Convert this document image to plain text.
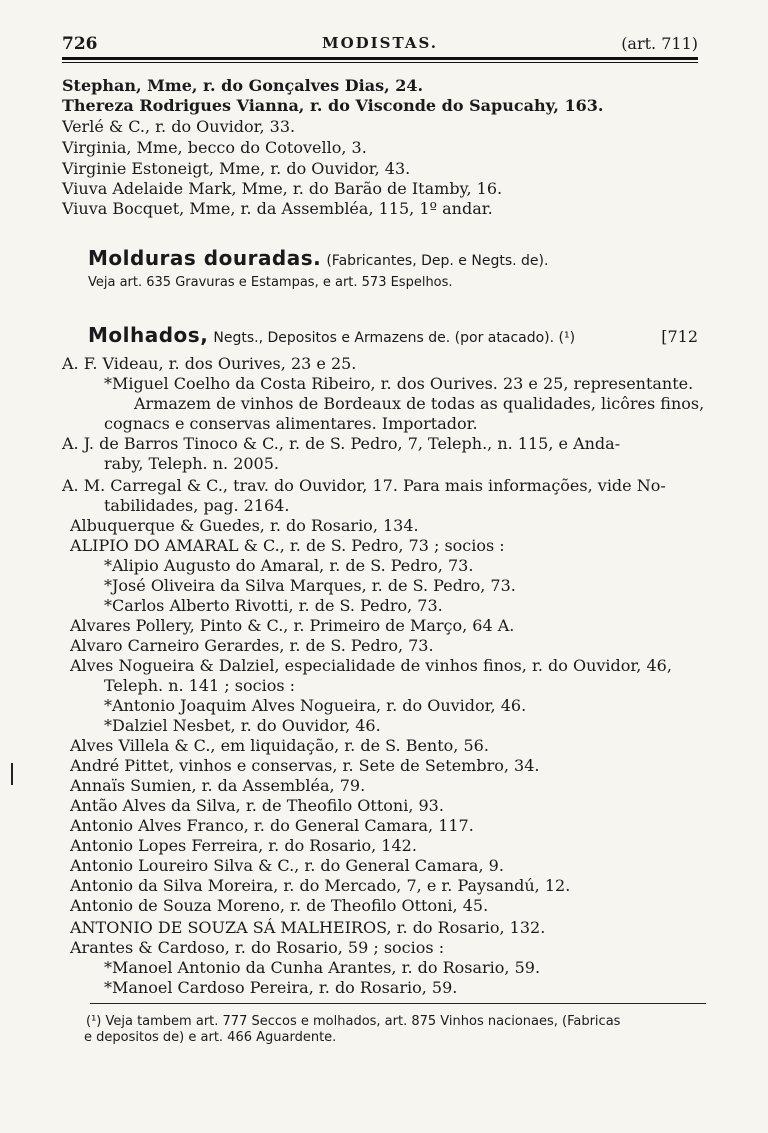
726	MODISTAS.	(art. 711)
Stephan, Mme, r. do Gonçalves Dias, 24.
Thereza Rodrigues Vianna, r. do Visconde do Sapucahy, 163.
Verlé & C., r. do Ouvidor, 33.
Virginia, Mme, becco do Cotovello, 3.
Virginie Estoneigt, Mme, r. do Ouvidor, 43.
Viuva Adelaide Mark, Mme, r. do Barão de Itamby, 16.
Viuva Bocquet, Mme, r. da Assembléa, 115, 1º andar.
Molduras douradas. (Fabricantes, Dep. e Negts. de).
Veja art. 635 Gravuras e Estampas, e art. 573 Espelhos.
Molhados, Negts., Depositos e Armazens de. (por atacado). (¹)	[712
A. F. Videau, r. dos Ourives, 23 e 25.
*Miguel Coelho da Costa Ribeiro, r. dos Ourives. 23 e 25, representante.
Armazem de vinhos de Bordeaux de todas as qualidades, licôres finos,
cognacs e conservas alimentares. Importador.
A. J. de Barros Tinoco & C., r. de S. Pedro, 7, Teleph., n. 115, e Anda-
raby, Teleph. n. 2005.
A. M. Carregal & C., trav. do Ouvidor, 17. Para mais informações, vide No-
tabilidades, pag. 2164.
Albuquerque & Guedes, r. do Rosario, 134.
ALIPIO DO AMARAL & C., r. de S. Pedro, 73 ; socios :
*Alipio Augusto do Amaral, r. de S. Pedro, 73.
*José Oliveira da Silva Marques, r. de S. Pedro, 73.
*Carlos Alberto Rivotti, r. de S. Pedro, 73.
Alvares Pollery, Pinto & C., r. Primeiro de Março, 64 A.
Alvaro Carneiro Gerardes, r. de S. Pedro, 73.
Alves Nogueira & Dalziel, especialidade de vinhos finos, r. do Ouvidor, 46,
Teleph. n. 141 ; socios :
*Antonio Joaquim Alves Nogueira, r. do Ouvidor, 46.
*Dalziel Nesbet, r. do Ouvidor, 46.
Alves Villela & C., em liquidação, r. de S. Bento, 56.
André Pittet, vinhos e conservas, r. Sete de Setembro, 34.
Annaïs Sumien, r. da Assembléa, 79.
Antão Alves da Silva, r. de Theofilo Ottoni, 93.
Antonio Alves Franco, r. do General Camara, 117.
Antonio Lopes Ferreira, r. do Rosario, 142.
Antonio Loureiro Silva & C., r. do General Camara, 9.
Antonio da Silva Moreira, r. do Mercado, 7, e r. Paysandú, 12.
Antonio de Souza Moreno, r. de Theofilo Ottoni, 45.
ANTONIO DE SOUZA SÁ MALHEIROS, r. do Rosario, 132.
Arantes & Cardoso, r. do Rosario, 59 ; socios :
*Manoel Antonio da Cunha Arantes, r. do Rosario, 59.
*Manoel Cardoso Pereira, r. do Rosario, 59.
(¹) Veja tambem art. 777 Seccos e molhados, art. 875 Vinhos nacionaes, (Fabricas
e depositos de) e art. 466 Aguardente.
